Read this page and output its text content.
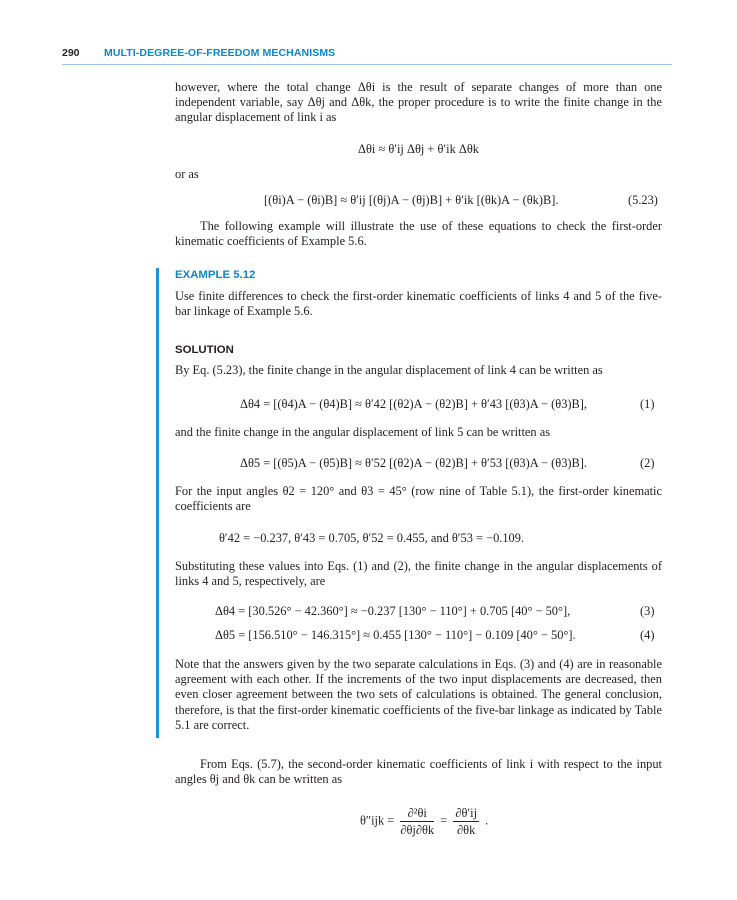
290 MULTI-DEGREE-OF-FREEDOM MECHANISMS

however, where the total change Δθi is the result of separate changes of more than one independent variable, say Δθj and Δθk, the proper procedure is to write the finite change in the angular displacement of link i as

Δθi ≈ θ′ij Δθj + θ′ik Δθk
or as
[(θi)A − (θi)B] ≈ θ′ij [(θj)A − (θj)B] + θ′ik [(θk)A − (θk)B].	(5.23)

The following example will illustrate the use of these equations to check the first-order kinematic coefficients of Example 5.6.

EXAMPLE 5.12

Use finite differences to check the first-order kinematic coefficients of links 4 and 5 of the five-bar linkage of Example 5.6.

SOLUTION

By Eq. (5.23), the finite change in the angular displacement of link 4 can be written as

Δθ4 = [(θ4)A − (θ4)B] ≈ θ′42 [(θ2)A − (θ2)B] + θ′43 [(θ3)A − (θ3)B],	(1)

and the finite change in the angular displacement of link 5 can be written as

Δθ5 = [(θ5)A − (θ5)B] ≈ θ′52 [(θ2)A − (θ2)B] + θ′53 [(θ3)A − (θ3)B].	(2)

For the input angles θ2 = 120° and θ3 = 45° (row nine of Table 5.1), the first-order kinematic coefficients are

θ′42 = −0.237, θ′43 = 0.705, θ′52 = 0.455, and θ′53 = −0.109.

Substituting these values into Eqs. (1) and (2), the finite change in the angular displacements of links 4 and 5, respectively, are

Δθ4 = [30.526° − 42.360°] ≈ −0.237 [130° − 110°] + 0.705 [40° − 50°],	(3)
Δθ5 = [156.510° − 146.315°] ≈ 0.455 [130° − 110°] − 0.109 [40° − 50°].	(4)

Note that the answers given by the two separate calculations in Eqs. (3) and (4) are in reasonable agreement with each other. If the increments of the two input displacements are decreased, then even closer agreement between the two sets of calculations is obtained. The general conclusion, therefore, is that the first-order kinematic coefficients of the five-bar linkage as indicated by Table 5.1 are correct.

From Eqs. (5.7), the second-order kinematic coefficients of link i with respect to the input angles θj and θk can be written as

$\theta''ijk = \frac{\text{∂²θi}}{\partial\theta j\partial\theta k} = \frac{\partial\theta'ij}{\partial\theta k}$ .
